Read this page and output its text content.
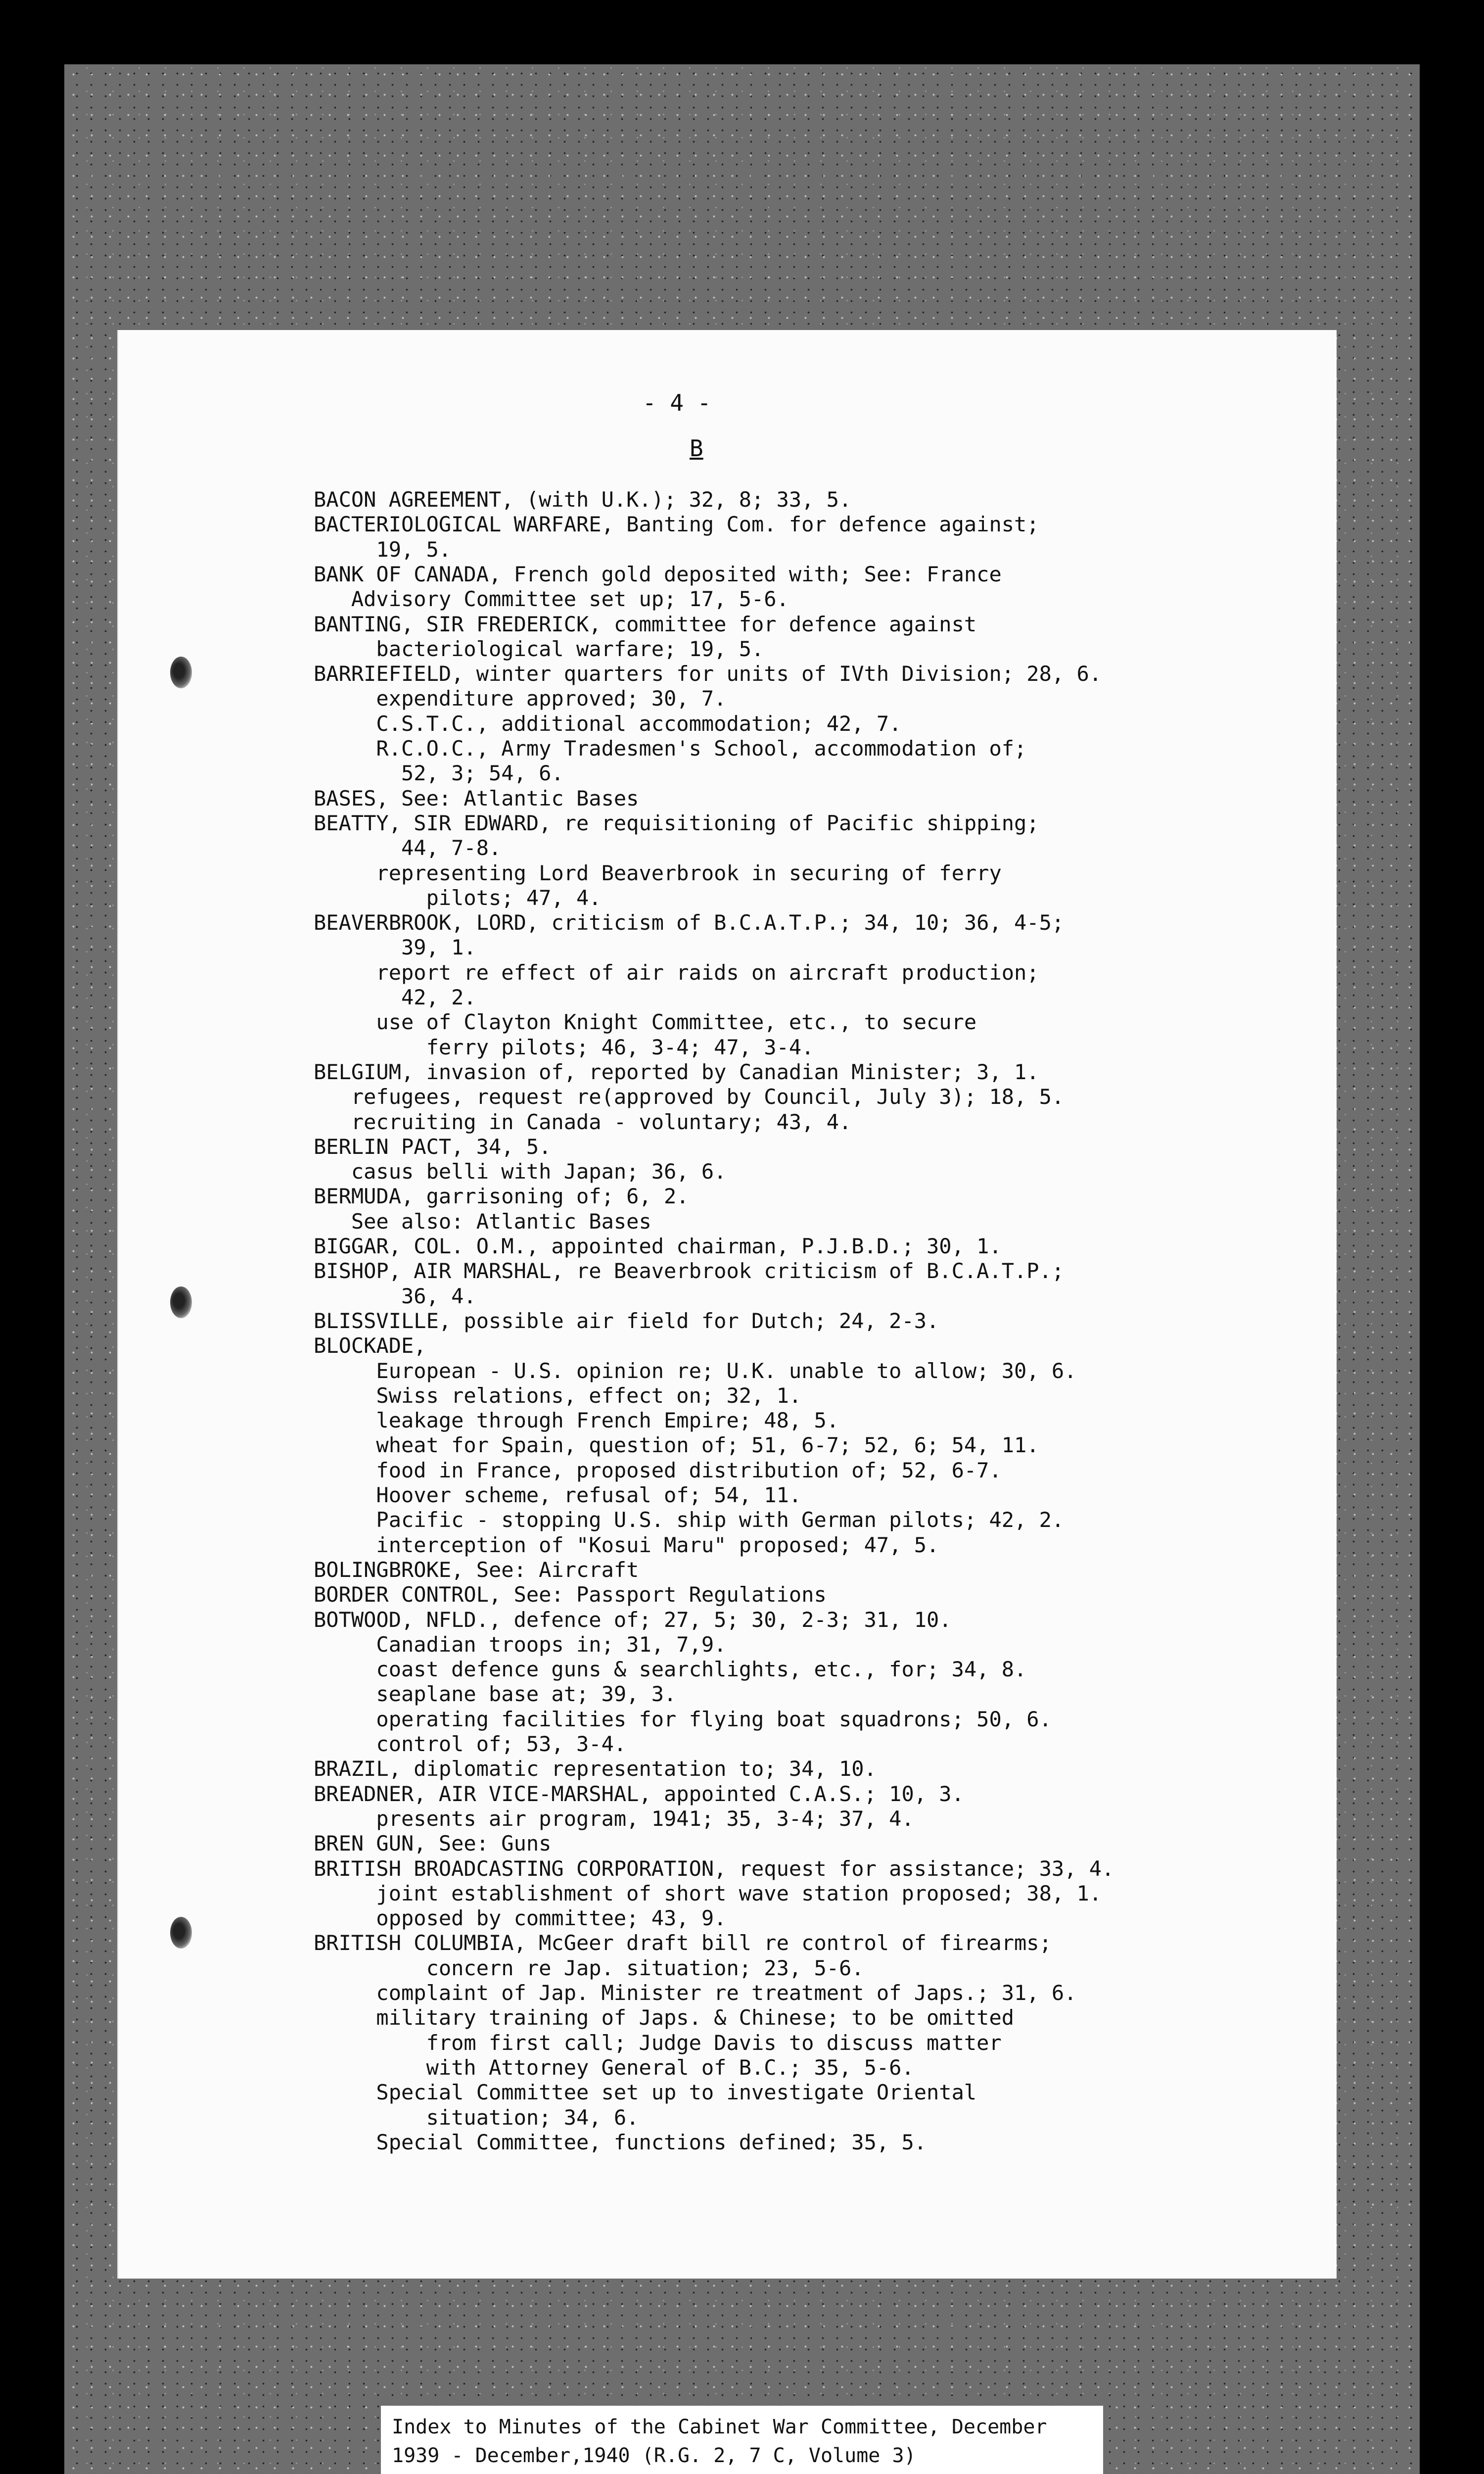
- 4 -
B
BACON AGREEMENT, (with U.K.); 32, 8; 33, 5.
BACTERIOLOGICAL WARFARE, Banting Com. for defence against;
19, 5.
BANK OF CANADA, French gold deposited with; See: France
Advisory Committee set up; 17, 5-6.
BANTING, SIR FREDERICK, committee for defence against
bacteriological warfare; 19, 5.
BARRIEFIELD, winter quarters for units of IVth Division; 28, 6.
expenditure approved; 30, 7.
C.S.T.C., additional accommodation; 42, 7.
R.C.O.C., Army Tradesmen's School, accommodation of;
52, 3; 54, 6.
BASES, See: Atlantic Bases
BEATTY, SIR EDWARD, re requisitioning of Pacific shipping;
44, 7-8.
representing Lord Beaverbrook in securing of ferry
pilots; 47, 4.
BEAVERBROOK, LORD, criticism of B.C.A.T.P.; 34, 10; 36, 4-5;
39, 1.
report re effect of air raids on aircraft production;
42, 2.
use of Clayton Knight Committee, etc., to secure
ferry pilots; 46, 3-4; 47, 3-4.
BELGIUM, invasion of, reported by Canadian Minister; 3, 1.
refugees, request re(approved by Council, July 3); 18, 5.
recruiting in Canada - voluntary; 43, 4.
BERLIN PACT, 34, 5.
casus belli with Japan; 36, 6.
BERMUDA, garrisoning of; 6, 2.
See also: Atlantic Bases
BIGGAR, COL. O.M., appointed chairman, P.J.B.D.; 30, 1.
BISHOP, AIR MARSHAL, re Beaverbrook criticism of B.C.A.T.P.;
36, 4.
BLISSVILLE, possible air field for Dutch; 24, 2-3.
BLOCKADE,
European - U.S. opinion re; U.K. unable to allow; 30, 6.
Swiss relations, effect on; 32, 1.
leakage through French Empire; 48, 5.
wheat for Spain, question of; 51, 6-7; 52, 6; 54, 11.
food in France, proposed distribution of; 52, 6-7.
Hoover scheme, refusal of; 54, 11.
Pacific - stopping U.S. ship with German pilots; 42, 2.
interception of "Kosui Maru" proposed; 47, 5.
BOLINGBROKE, See: Aircraft
BORDER CONTROL, See: Passport Regulations
BOTWOOD, NFLD., defence of; 27, 5; 30, 2-3; 31, 10.
Canadian troops in; 31, 7,9.
coast defence guns & searchlights, etc., for; 34, 8.
seaplane base at; 39, 3.
operating facilities for flying boat squadrons; 50, 6.
control of; 53, 3-4.
BRAZIL, diplomatic representation to; 34, 10.
BREADNER, AIR VICE-MARSHAL, appointed C.A.S.; 10, 3.
presents air program, 1941; 35, 3-4; 37, 4.
BREN GUN, See: Guns
BRITISH BROADCASTING CORPORATION, request for assistance; 33, 4.
joint establishment of short wave station proposed; 38, 1.
opposed by committee; 43, 9.
BRITISH COLUMBIA, McGeer draft bill re control of firearms;
concern re Jap. situation; 23, 5-6.
complaint of Jap. Minister re treatment of Japs.; 31, 6.
military training of Japs. & Chinese; to be omitted
from first call; Judge Davis to discuss matter
with Attorney General of B.C.; 35, 5-6.
Special Committee set up to investigate Oriental
situation; 34, 6.
Special Committee, functions defined; 35, 5.
Index to Minutes of the Cabinet War Committee, December
1939 - December,1940 (R.G. 2, 7 C, Volume 3)
